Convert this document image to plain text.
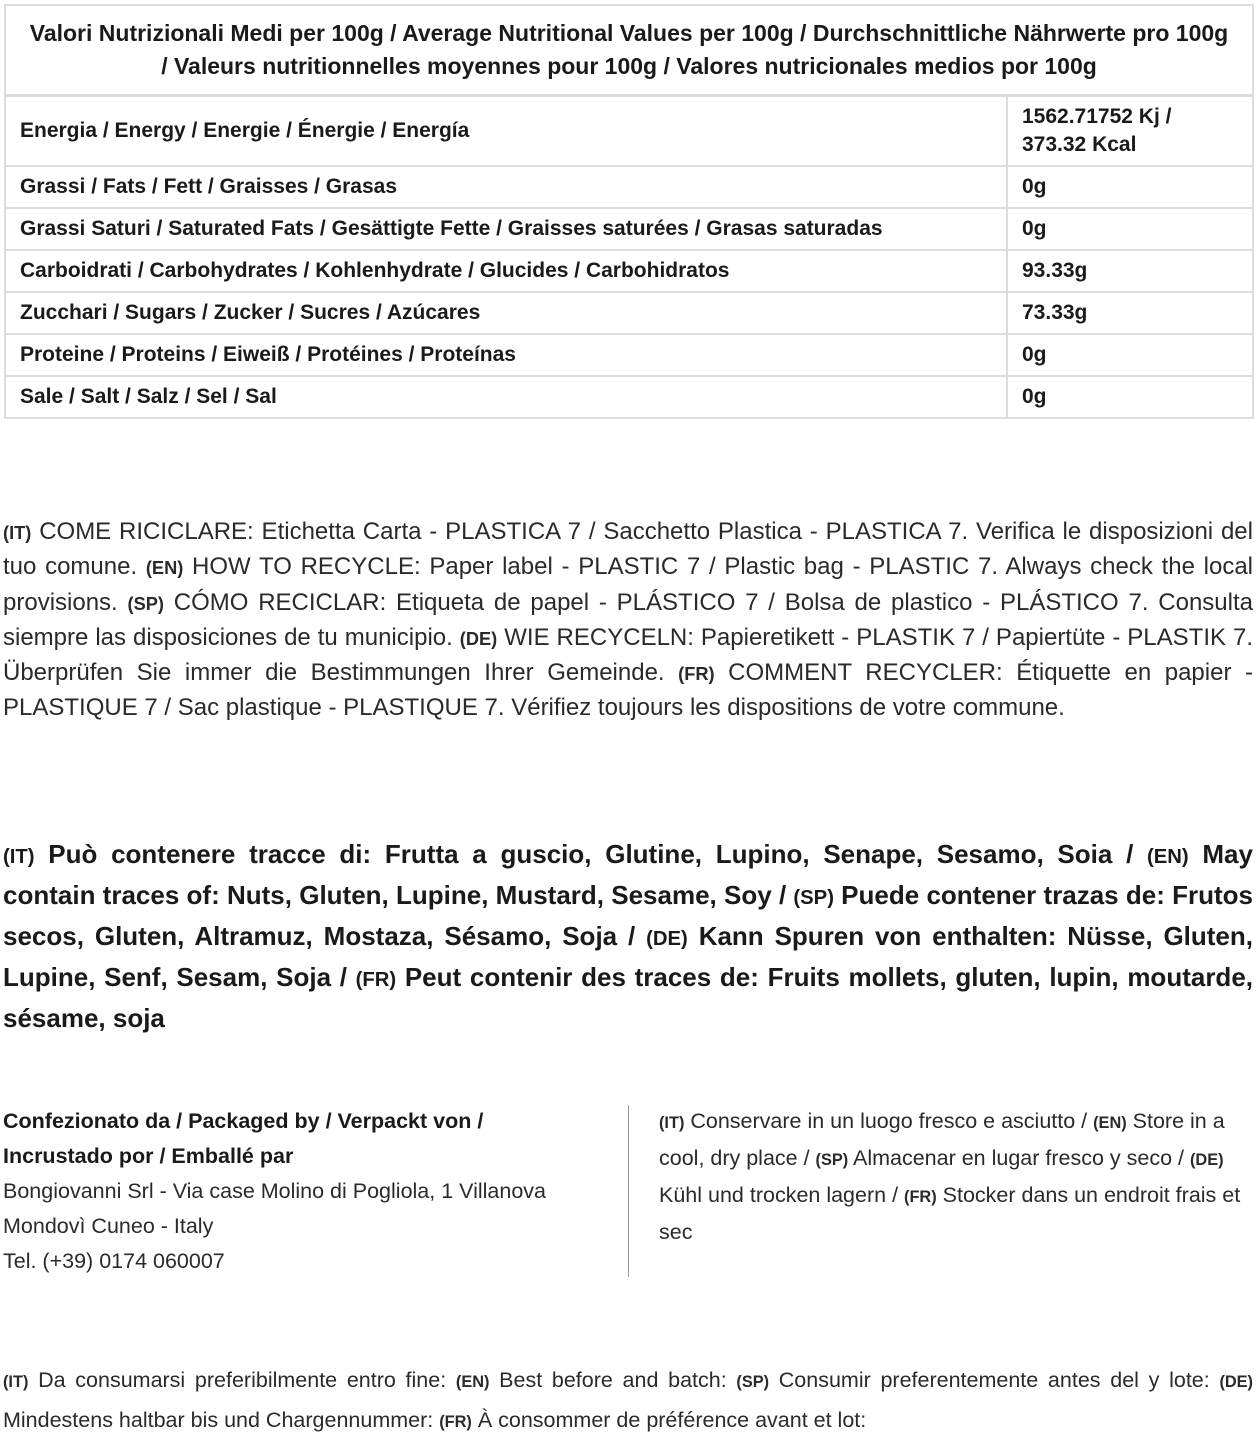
Valori Nutrizionali Medi per 100g / Average Nutritional Values per 100g / Durchschnittliche Nährwerte pro 100g / Valeurs nutritionnelles moyennes pour 100g / Valores nutricionales medios por 100g	
Energia / Energy / Energie / Énergie / Energía	1562.71752 Kj / 373.32 Kcal
Grassi / Fats / Fett / Graisses / Grasas	0g
Grassi Saturi / Saturated Fats / Gesättigte Fette / Graisses saturées / Grasas saturadas	0g
Carboidrati / Carbohydrates / Kohlenhydrate / Glucides / Carbohidratos	93.33g
Zucchari / Sugars / Zucker / Sucres / Azúcares	73.33g
Proteine / Proteins / Eiweiß / Protéines / Proteínas	0g
Sale / Salt / Salz / Sel / Sal	0g

(IT) COME RICICLARE: Etichetta Carta - PLASTICA 7 / Sacchetto Plastica - PLASTICA 7. Verifica le disposizioni del tuo comune. (EN) HOW TO RECYCLE: Paper label - PLASTIC 7 / Plastic bag - PLASTIC 7. Always check the local provisions. (SP) CÓMO RECICLAR: Etiqueta de papel - PLÁSTICO 7 / Bolsa de plastico - PLÁSTICO 7. Consulta siempre las disposiciones de tu municipio. (DE) WIE RECYCELN: Papieretikett - PLASTIK 7 / Papiertüte - PLASTIK 7. Überprüfen Sie immer die Bestimmungen Ihrer Gemeinde. (FR) COMMENT RECYCLER: Étiquette en papier - PLASTIQUE 7 / Sac plastique - PLASTIQUE 7. Vérifiez toujours les dispositions de votre commune.

(IT) Può contenere tracce di: Frutta a guscio, Glutine, Lupino, Senape, Sesamo, Soia / (EN) May contain traces of: Nuts, Gluten, Lupine, Mustard, Sesame, Soy / (SP) Puede contener trazas de: Frutos secos, Gluten, Altramuz, Mostaza, Sésamo, Soja / (DE) Kann Spuren von enthalten: Nüsse, Gluten, Lupine, Senf, Sesam, Soja / (FR) Peut contenir des traces de: Fruits mollets, gluten, lupin, moutarde, sésame, soja

Confezionato da / Packaged by / Verpackt von /
Incrustado por / Emballé par
Bongiovanni Srl - Via case Molino di Pogliola, 1 Villanova
Mondovì Cuneo - Italy
Tel. (+39) 0174 060007
(IT) Conservare in un luogo fresco e asciutto / (EN) Store in a cool, dry place / (SP) Almacenar en lugar fresco y seco / (DE) Kühl und trocken lagern / (FR) Stocker dans un endroit frais et sec

(IT) Da consumarsi preferibilmente entro fine: (EN) Best before and batch: (SP) Consumir preferentemente antes del y lote: (DE) Mindestens haltbar bis und Chargennummer: (FR) À consommer de préférence avant et lot:
